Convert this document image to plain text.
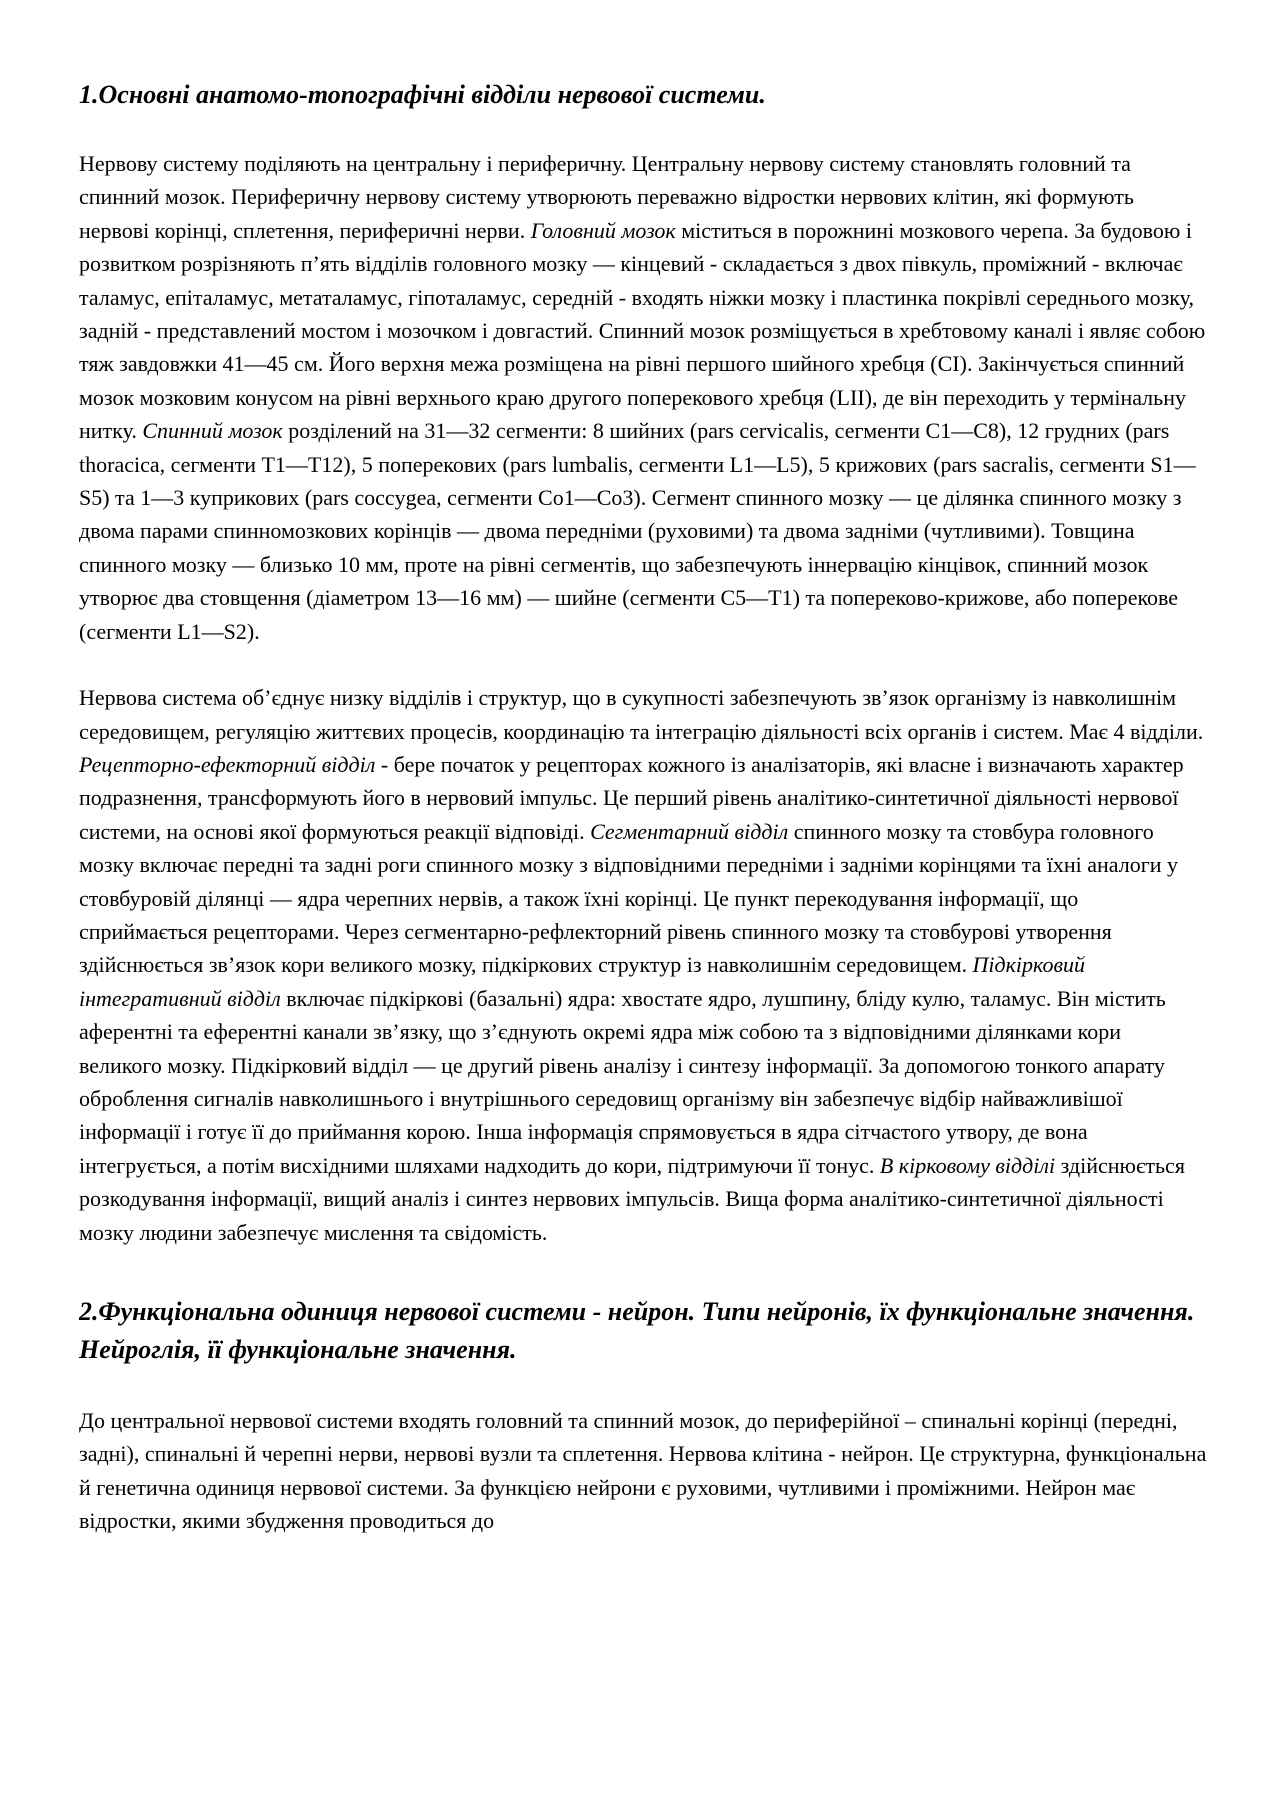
1.Основні анатомо-топографічні відділи нервової системи.

Нервову систему поділяють на центральну і периферичну. Центральну нервову систему становлять головний та спинний мозок. Периферичну нервову систему утворюють переважно відростки нервових клітин, які формують нервові корінці, сплетення, периферичні нерви. Головний мозок міститься в порожнині мозкового черепа. За будовою і розвитком розрізняють п’ять відділів головного мозку — кінцевий - складається з двох півкуль, проміжний - включає таламус, епіталамус, метаталамус, гіпоталамус, середній - входять ніжки мозку і пластинка покрівлі середнього мозку, задній - представлений мостом і мозочком і довгастий. Спинний мозок розміщується в хребтовому каналі і являє собою тяж завдовжки 41—45 см. Його верхня межа розміщена на рівні першого шийного хребця (CI). Закінчується спинний мозок мозковим конусом на рівні верхнього краю другого поперекового хребця (LII), де він переходить у термінальну нитку. Спинний мозок розділений на 31—32 сегменти: 8 шийних (pars cervicalis, сегменти С1—С8), 12 грудних (pars thoracica, сегменти Т1—Т12), 5 поперекових (pars lumbalis, сегменти L1—L5), 5 крижових (pars sacralis, сегменти S1—S5) та 1—3 куприкових (pars coccygea, сегменти Со1—Со3). Сегмент спинного мозку — це ділянка спинного мозку з двома парами спинномозкових корінців — двома передніми (руховими) та двома задніми (чутливими). Товщина спинного мозку — близько 10 мм, проте на рівні сегментів, що забезпечують іннервацію кінцівок, спинний мозок утворює два стовщення (діаметром 13—16 мм) — шийне (сегменти С5—Т1) та попереково-крижове, або поперекове (сегменти L1—S2).

Нервова система об’єднує низку відділів і структур, що в сукупності забезпечують зв’язок організму із навколишнім середовищем, регуляцію життєвих процесів, координацію та інтеграцію діяльності всіх органів і систем. Має 4 відділи. Рецепторно-ефекторний відділ - бере початок у рецепторах кожного із аналізаторів, які власне і визначають характер подразнення, трансформують його в нервовий імпульс. Це перший рівень аналітико-синтетичної діяльності нервової системи, на основі якої формуються реакції відповіді. Сегментарний відділ спинного мозку та стовбура головного мозку включає передні та задні роги спинного мозку з відповідними передніми і задніми корінцями та їхні аналоги у стовбуровій ділянці — ядра черепних нервів, а також їхні корінці. Це пункт перекодування інформації, що сприймається рецепторами. Через сегментарно-рефлекторний рівень спинного мозку та стовбурові утворення здійснюється зв’язок кори великого мозку, підкіркових структур із навколишнім середовищем. Підкірковий інтегративний відділ включає підкіркові (базальні) ядра: хвостате ядро, лушпину, бліду кулю, таламус. Він містить аферентні та еферентні канали зв’язку, що з’єднують окремі ядра між собою та з відповідними ділянками кори великого мозку. Підкірковий відділ — це другий рівень аналізу і синтезу інформації. За допомогою тонкого апарату оброблення сигналів навколишнього і внутрішнього середовищ організму він забезпечує відбір найважливішої інформації і готує її до приймання корою. Інша інформація спрямовується в ядра сітчастого утвору, де вона інтегрується, а потім висхідними шляхами надходить до кори, підтримуючи її тонус. В кірковому відділі здійснюється розкодування інформації, вищий аналіз і синтез нервових імпульсів. Вища форма аналітико-синтетичної діяльності мозку людини забезпечує мислення та свідомість.

2.Функціональна одиниця нервової системи - нейрон. Типи нейронів, їх функціональне значення. Нейроглія, її функціональне значення.

До центральної нервової системи входять головний та спинний мозок, до периферійної – спинальні корінці (передні, задні), спинальні й черепні нерви, нервові вузли та сплетення. Нервова клітина - нейрон. Це структурна, функціональна й генетична одиниця нервової системи. За функцією нейрони є руховими, чутливими і проміжними. Нейрон має відростки, якими збудження проводиться до
